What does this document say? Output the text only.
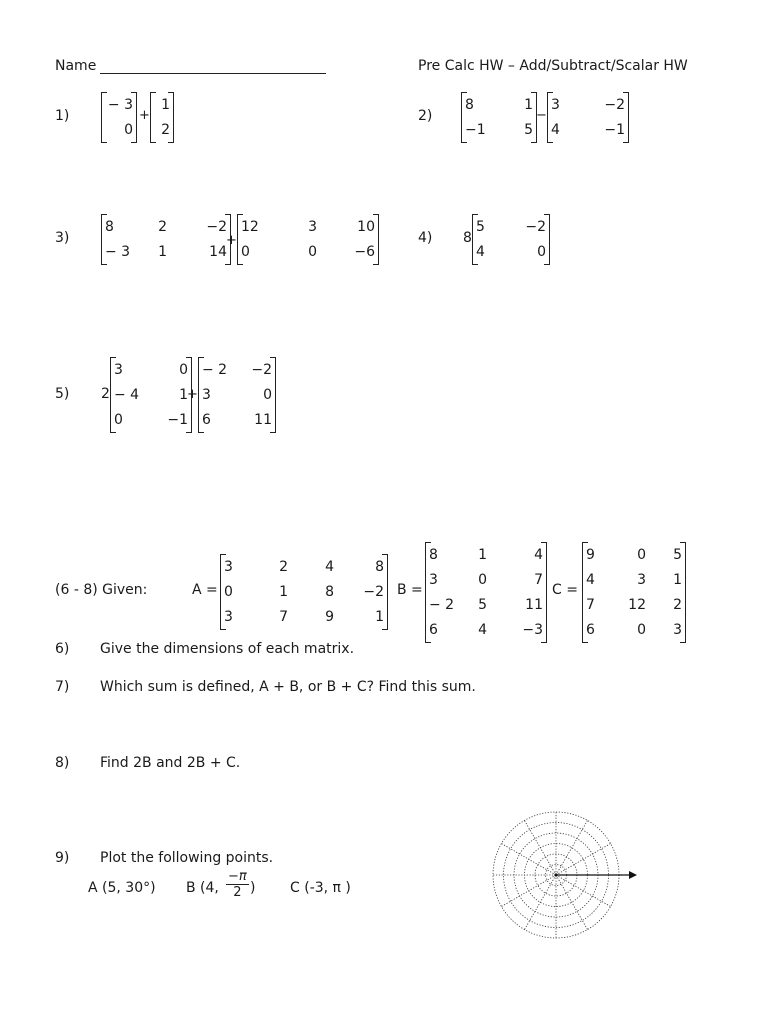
Name	Pre Calc HW – Add/Subtract/Scalar HW
1)
− 3
0
+
1
2
2)
8	1
−1	5
−
3	−2
4	−1
3)
8	2	−2
− 3	1	14
+
12	3	10
0	0	−6
4) 8
5	−2
4	0
5) 2
3	0
− 4	1
0	−1
+
− 2	−2
3	0
6	11
(6 - 8) Given:	A =
3	2	4	8
0	1	8	−2
3	7	9	1
B =
8	1	4
3	0	7
− 2	5	11
6	4	−3
C =
9	0	5
4	3	1
7	12	2
6	0	3
6) Give the dimensions of each matrix.
7) Which sum is defined, A + B, or B + C? Find this sum.
8) Find 2B and 2B + C.
9) Plot the following points.
A (5, 30°) B (4, $\frac{-\pi}{2}$ ) C (-3, π )
